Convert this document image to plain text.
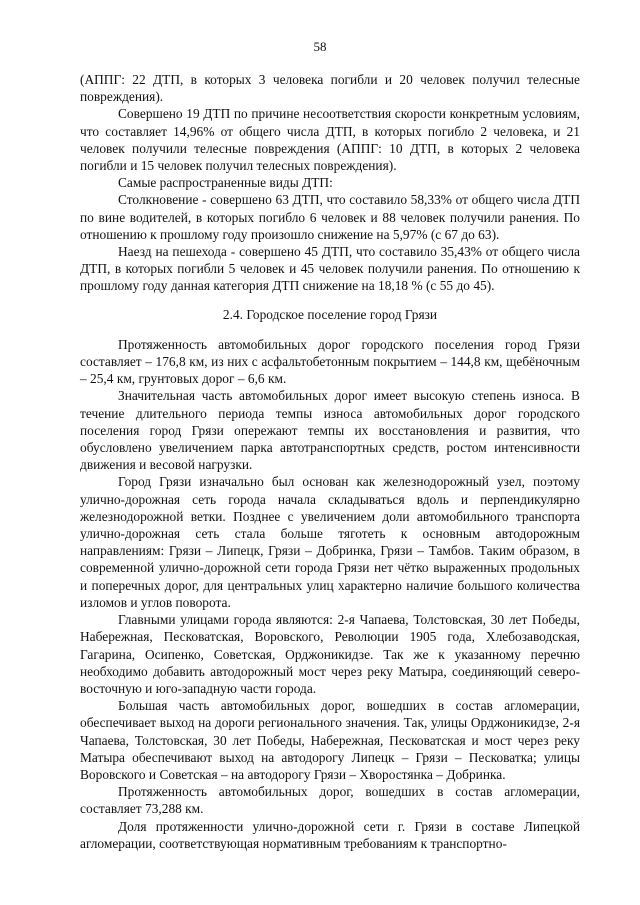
58

(АППГ: 22 ДТП, в которых 3 человека погибли и 20 человек получил телесные повреждения).

Совершено 19 ДТП по причине несоответствия скорости конкретным условиям, что составляет 14,96% от общего числа ДТП, в которых погибло 2 человека, и 21 человек получили телесные повреждения (АППГ: 10 ДТП, в которых 2 человека погибли и 15 человек получил телесных повреждения).

Самые распространенные виды ДТП:

Столкновение - совершено 63 ДТП, что составило 58,33% от общего числа ДТП по вине водителей, в которых погибло 6 человек и 88 человек получили ранения. По отношению к прошлому году произошло снижение на 5,97% (с 67 до 63).

Наезд на пешехода - совершено 45 ДТП, что составило 35,43% от общего числа ДТП, в которых погибли 5 человек и 45 человек получили ранения. По отношению к прошлому году данная категория ДТП снижение на 18,18 % (с 55 до 45).

2.4. Городское поселение город Грязи

Протяженность автомобильных дорог городского поселения город Грязи составляет – 176,8 км, из них с асфальтобетонным покрытием – 144,8 км, щебёночным – 25,4 км, грунтовых дорог – 6,6 км.

Значительная часть автомобильных дорог имеет высокую степень износа. В течение длительного периода темпы износа автомобильных дорог городского поселения город Грязи опережают темпы их восстановления и развития, что обусловлено увеличением парка автотранспортных средств, ростом интенсивности движения и весовой нагрузки.

Город Грязи изначально был основан как железнодорожный узел, поэтому улично-дорожная сеть города начала складываться вдоль и перпендикулярно железнодорожной ветки. Позднее с увеличением доли автомобильного транспорта улично-дорожная сеть стала больше тяготеть к основным автодорожным направлениям: Грязи – Липецк, Грязи – Добринка, Грязи – Тамбов. Таким образом, в современной улично-дорожной сети города Грязи нет чётко выраженных продольных и поперечных дорог, для центральных улиц характерно наличие большого количества изломов и углов поворота.

Главными улицами города являются: 2-я Чапаева, Толстовская, 30 лет Победы, Набережная, Песковатская, Воровского, Революции 1905 года, Хлебозаводская, Гагарина, Осипенко, Советская, Орджоникидзе. Так же к указанному перечню необходимо добавить автодорожный мост через реку Матыра, соединяющий северо-восточную и юго-западную части города.

Большая часть автомобильных дорог, вошедших в состав агломерации, обеспечивает выход на дороги регионального значения. Так, улицы Орджоникидзе, 2-я Чапаева, Толстовская, 30 лет Победы, Набережная, Песковатская и мост через реку Матыра обеспечивают выход на автодорогу Липецк – Грязи – Песковатка; улицы Воровского и Советская – на автодорогу Грязи – Хворостянка – Добринка.

Протяженность автомобильных дорог, вошедших в состав агломерации, составляет 73,288 км.

Доля протяженности улично-дорожной сети г. Грязи в составе Липецкой агломерации, соответствующая нормативным требованиям к транспортно-
